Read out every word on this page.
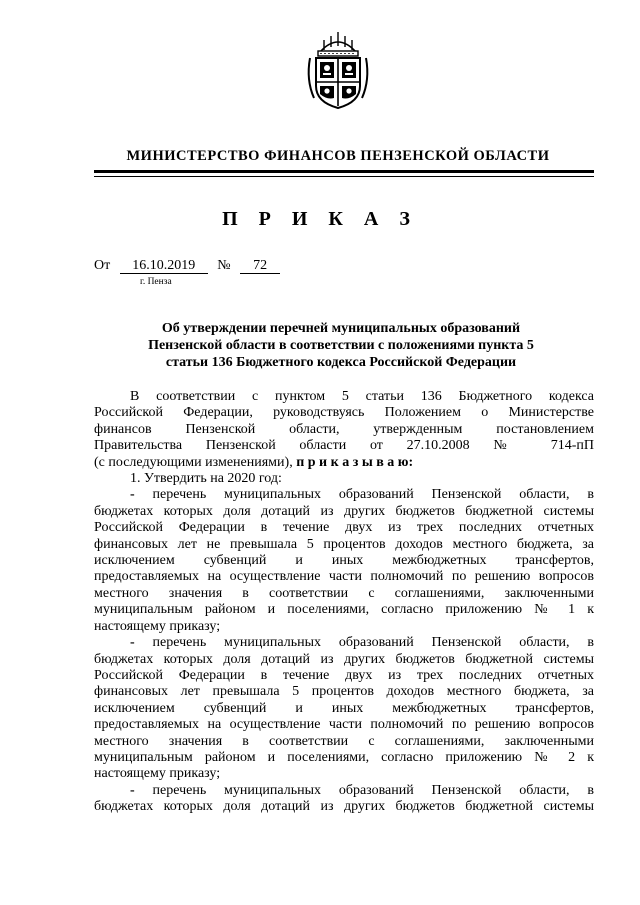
МИНИСТЕРСТВО ФИНАНСОВ ПЕНЗЕНСКОЙ ОБЛАСТИ
П Р И К А З
От 16.10.2019 № 72
г. Пенза
Об утверждении перечней муниципальных образований
Пензенской области в соответствии с положениями пункта 5
статьи 136 Бюджетного кодекса Российской Федерации

В соответствии с пунктом 5 статьи 136 Бюджетного кодекса

Российской Федерации, руководствуясь Положением о Министерстве

финансов Пензенской области, утвержденным постановлением

Правительства Пензенской области от 27.10.2008 № 714-пП

(с последующими изменениями), п р и к а з ы в а ю:

1. Утвердить на 2020 год:

- перечень муниципальных образований Пензенской области, в

бюджетах которых доля дотаций из других бюджетов бюджетной системы

Российской Федерации в течение двух из трех последних отчетных

финансовых лет не превышала 5 процентов доходов местного бюджета, за

исключением субвенций и иных межбюджетных трансфертов,

предоставляемых на осуществление части полномочий по решению вопросов

местного значения в соответствии с соглашениями, заключенными

муниципальным районом и поселениями, согласно приложению № 1 к

настоящему приказу;

- перечень муниципальных образований Пензенской области, в

бюджетах которых доля дотаций из других бюджетов бюджетной системы

Российской Федерации в течение двух из трех последних отчетных

финансовых лет превышала 5 процентов доходов местного бюджета, за

исключением субвенций и иных межбюджетных трансфертов,

предоставляемых на осуществление части полномочий по решению вопросов

местного значения в соответствии с соглашениями, заключенными

муниципальным районом и поселениями, согласно приложению № 2 к

настоящему приказу;

- перечень муниципальных образований Пензенской области, в

бюджетах которых доля дотаций из других бюджетов бюджетной системы
